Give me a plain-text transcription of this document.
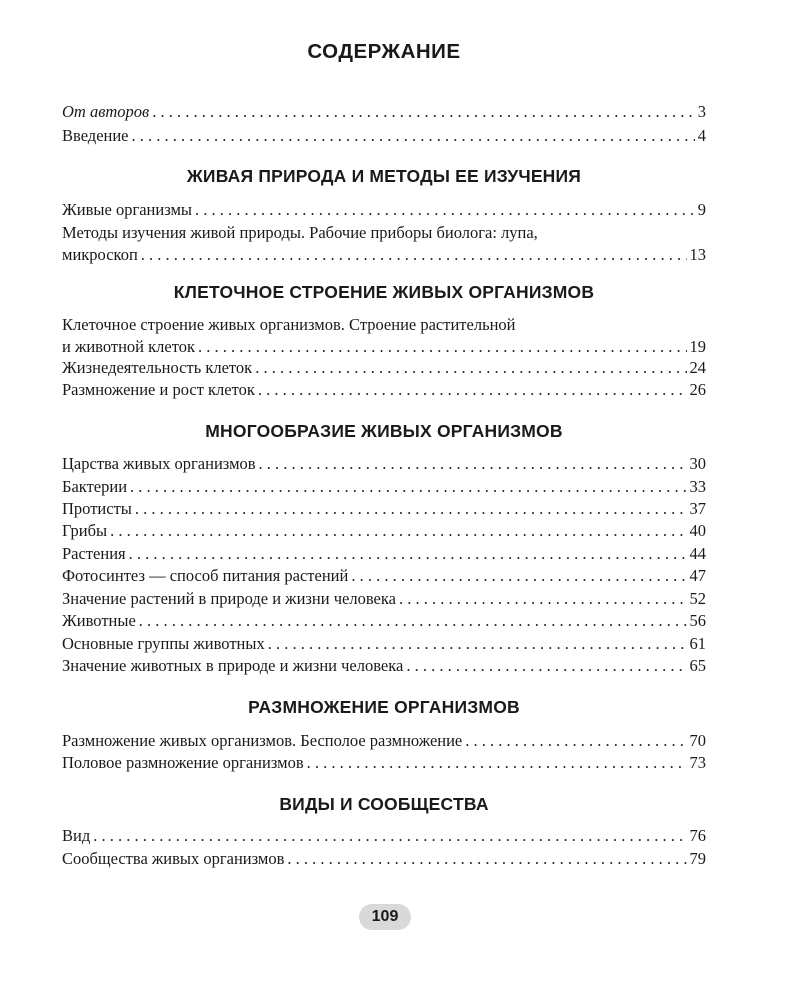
СОДЕРЖАНИЕ
От авторов . . .	3
Введение . . .	4
ЖИВАЯ ПРИРОДА И МЕТОДЫ ЕЕ ИЗУЧЕНИЯ
Живые организмы . . .	9
Методы изучения живой природы. Рабочие приборы биолога: лупа,
микроскоп . . .	13
КЛЕТОЧНОЕ СТРОЕНИЕ ЖИВЫХ ОРГАНИЗМОВ
Клеточное строение живых организмов. Строение растительной
и животной клеток . . .	19
Жизнедеятельность клеток . . .	24
Размножение и рост клеток . . .	26
МНОГООБРАЗИЕ ЖИВЫХ ОРГАНИЗМОВ
Царства живых организмов . . .	30
Бактерии . . .	33
Протисты . . .	37
Грибы . . .	40
Растения . . .	44
Фотосинтез — способ питания растений . . .	47
Значение растений в природе и жизни человека . . .	52
Животные . . .	56
Основные группы животных . . .	61
Значение животных в природе и жизни человека . . .	65
РАЗМНОЖЕНИЕ ОРГАНИЗМОВ
Размножение живых организмов. Бесполое размножение . . .	70
Половое размножение организмов . . .	73
ВИДЫ И СООБЩЕСТВА
Вид . . .	76
Сообщества живых организмов . . .	79
109
